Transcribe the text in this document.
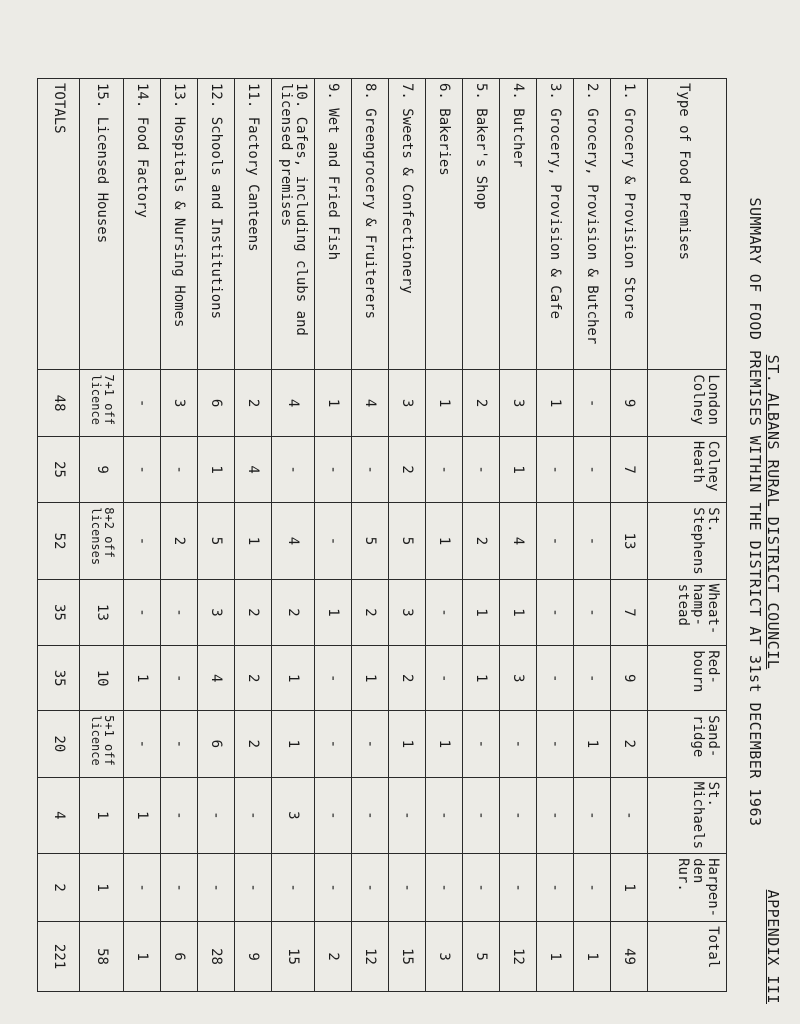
APPENDIX III
ST. ALBANS RURAL DISTRICT COUNCIL
SUMMARY OF FOOD PREMISES WITHIN THE DISTRICT AT 31st DECEMBER 1963
Type of Food Premises	London Colney	Colney Heath	St. Stephens	Wheat- hamp- stead	Red- bourn	Sand- ridge	St. Michaels	Harpen- den Rur.	Total
1. Grocery & Provision Store	9	7	13	7	9	2	-	1	49
2. Grocery, Provision & Butcher	-	-	-	-	-	1	-	-	1
3. Grocery, Provision & Cafe	1	-	-	-	-	-	-	-	1
4. Butcher	3	1	4	1	3	-	-	-	12
5. Baker's Shop	2	-	2	1	1	-	-	-	5
6. Bakeries	1	-	1	-	-	1	-	-	3
7. Sweets & Confectionery	3	2	5	3	2	1	-	-	15
8. Greengrocery & Fruiterers	4	-	5	2	1	-	-	-	12
9. Wet and Fried Fish	1	-	-	1	-	-	-	-	2
10. Cafes, including clubs and licensed premises	4	-	4	2	1	1	3	-	15
11. Factory Canteens	2	4	1	2	2	2	-	-	9
12. Schools and Institutions	6	1	5	3	4	6	-	-	28
13. Hospitals & Nursing Homes	3	-	2	-	-	-	-	-	6
14. Food Factory	-	-	-	-	1	-	1	-	1
15. Licensed Houses	7+1 off licence	9	8+2 off licenses	13	10	5+1 off licence	1	1	58
TOTALS	48	25	52	35	35	20	4	2	221
